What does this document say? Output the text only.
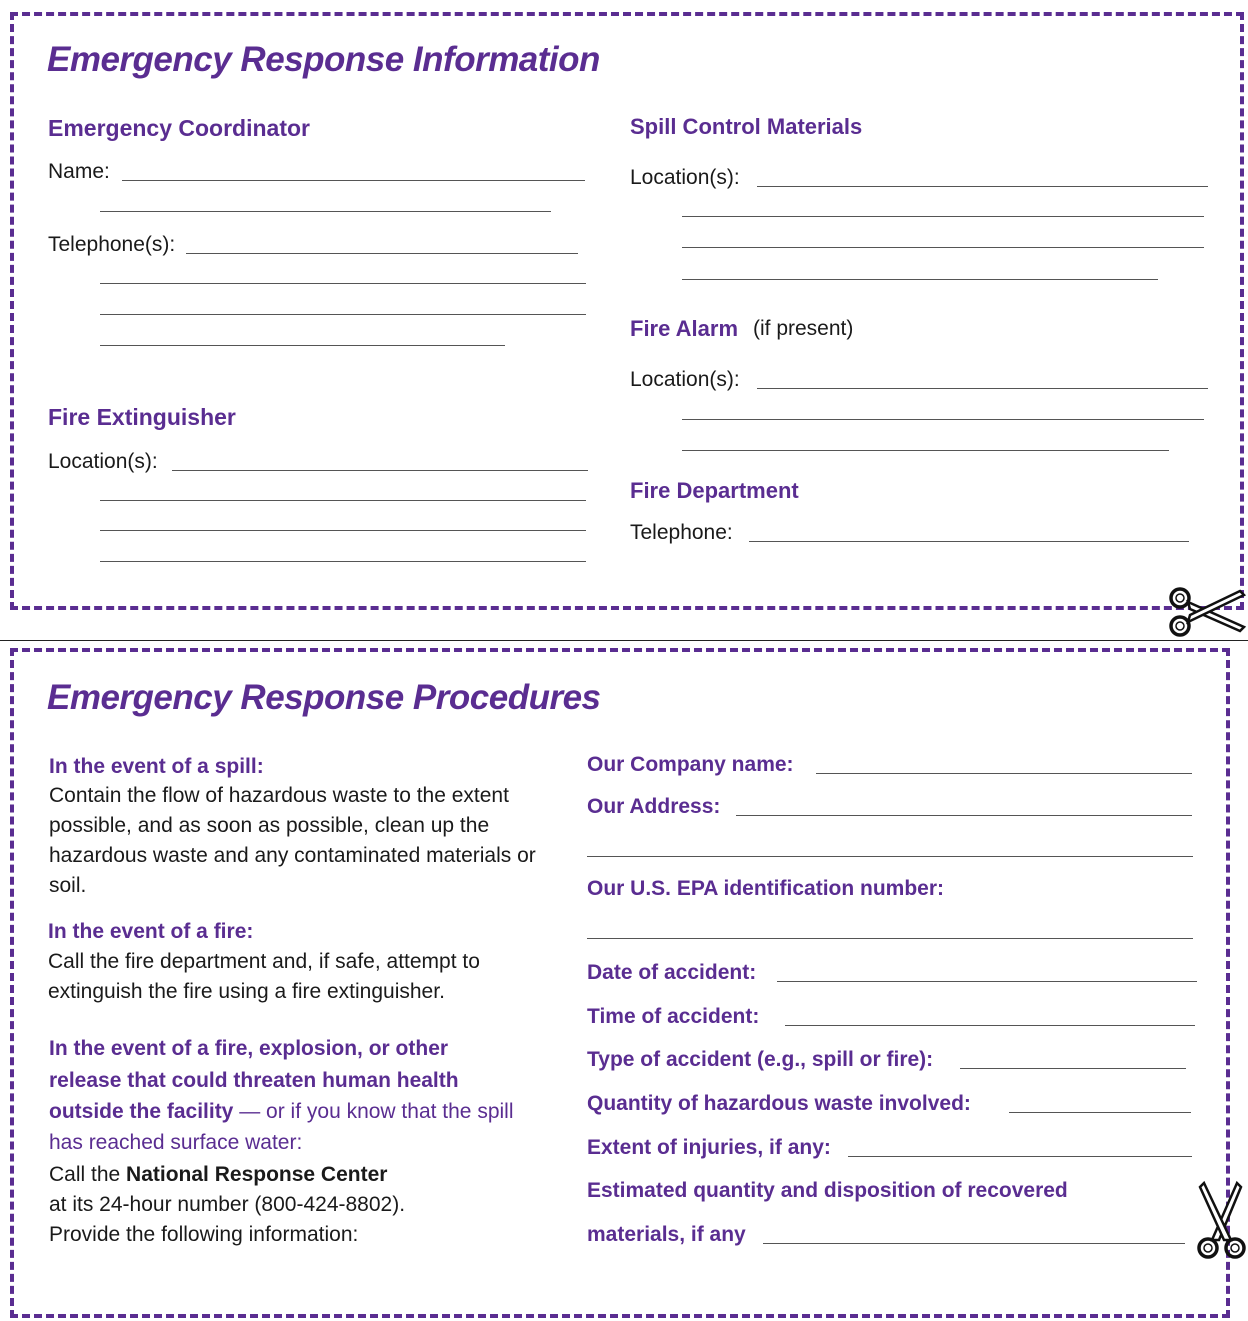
Emergency Response Information
Emergency Coordinator
Name:
Telephone(s):
Fire Extinguisher
Location(s):
Spill Control Materials
Location(s):
Fire Alarm (if present)
Location(s):
Fire Department
Telephone:
Emergency Response Procedures
In the event of a spill:
Contain the flow of hazardous waste to the extent possible, and as soon as possible, clean up the hazardous waste and any contaminated materials or soil.
In the event of a fire:
Call the fire department and, if safe, attempt to extinguish the fire using a fire extinguisher.
In the event of a fire, explosion, or other
release that could threaten human health
outside the facility — or if you know that the spill
has reached surface water:
Call the National Response Center
at its 24-hour number (800-424-8802).
Provide the following information:
Our Company name:
Our Address:
Our U.S. EPA identification number:
Date of accident:
Time of accident:
Type of accident (e.g., spill or fire):
Quantity of hazardous waste involved:
Extent of injuries, if any:
Estimated quantity and disposition of recovered
materials, if any
